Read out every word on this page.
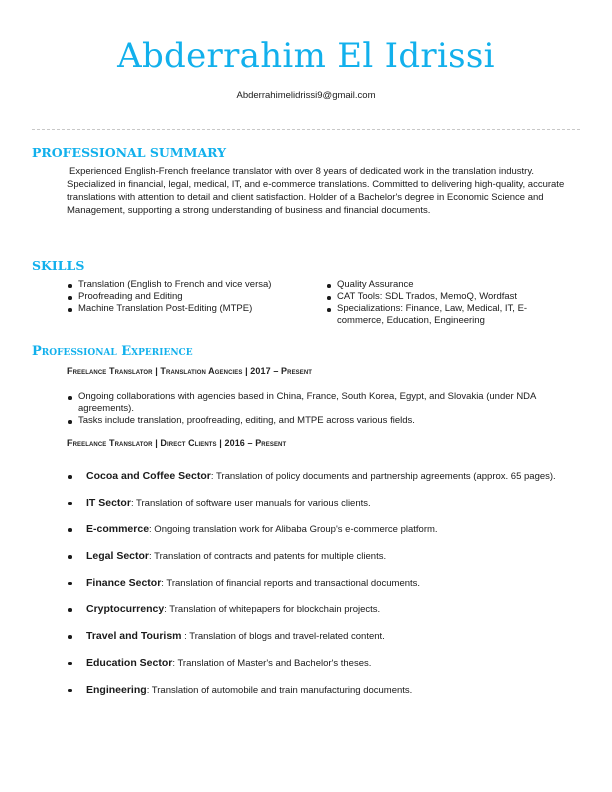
Abderrahim El Idrissi
Abderrahimelidrissi9@gmail.com
PROFESSIONAL SUMMARY
Experienced English-French freelance translator with over 8 years of dedicated work in the translation industry. Specialized in financial, legal, medical, IT, and e-commerce translations. Committed to delivering high-quality, accurate translations with attention to detail and client satisfaction. Holder of a Bachelor's degree in Economic Science and Management, supporting a strong understanding of business and financial documents.
SKILLS
Translation (English to French and vice versa)
Proofreading and Editing
Machine Translation Post-Editing (MTPE)
Quality Assurance
CAT Tools: SDL Trados, MemoQ, Wordfast
Specializations: Finance, Law, Medical, IT, E-commerce, Education, Engineering
Professional Experience
Freelance Translator | Translation Agencies | 2017 – Present
Ongoing collaborations with agencies based in China, France, South Korea, Egypt, and Slovakia (under NDA agreements).
Tasks include translation, proofreading, editing, and MTPE across various fields.
Freelance Translator | Direct Clients | 2016 – Present
Cocoa and Coffee Sector: Translation of policy documents and partnership agreements (approx. 65 pages).
IT Sector: Translation of software user manuals for various clients.
E-commerce: Ongoing translation work for Alibaba Group's e-commerce platform.
Legal Sector: Translation of contracts and patents for multiple clients.
Finance Sector: Translation of financial reports and transactional documents.
Cryptocurrency: Translation of whitepapers for blockchain projects.
Travel and Tourism : Translation of blogs and travel-related content.
Education Sector: Translation of Master's and Bachelor's theses.
Engineering: Translation of automobile and train manufacturing documents.
